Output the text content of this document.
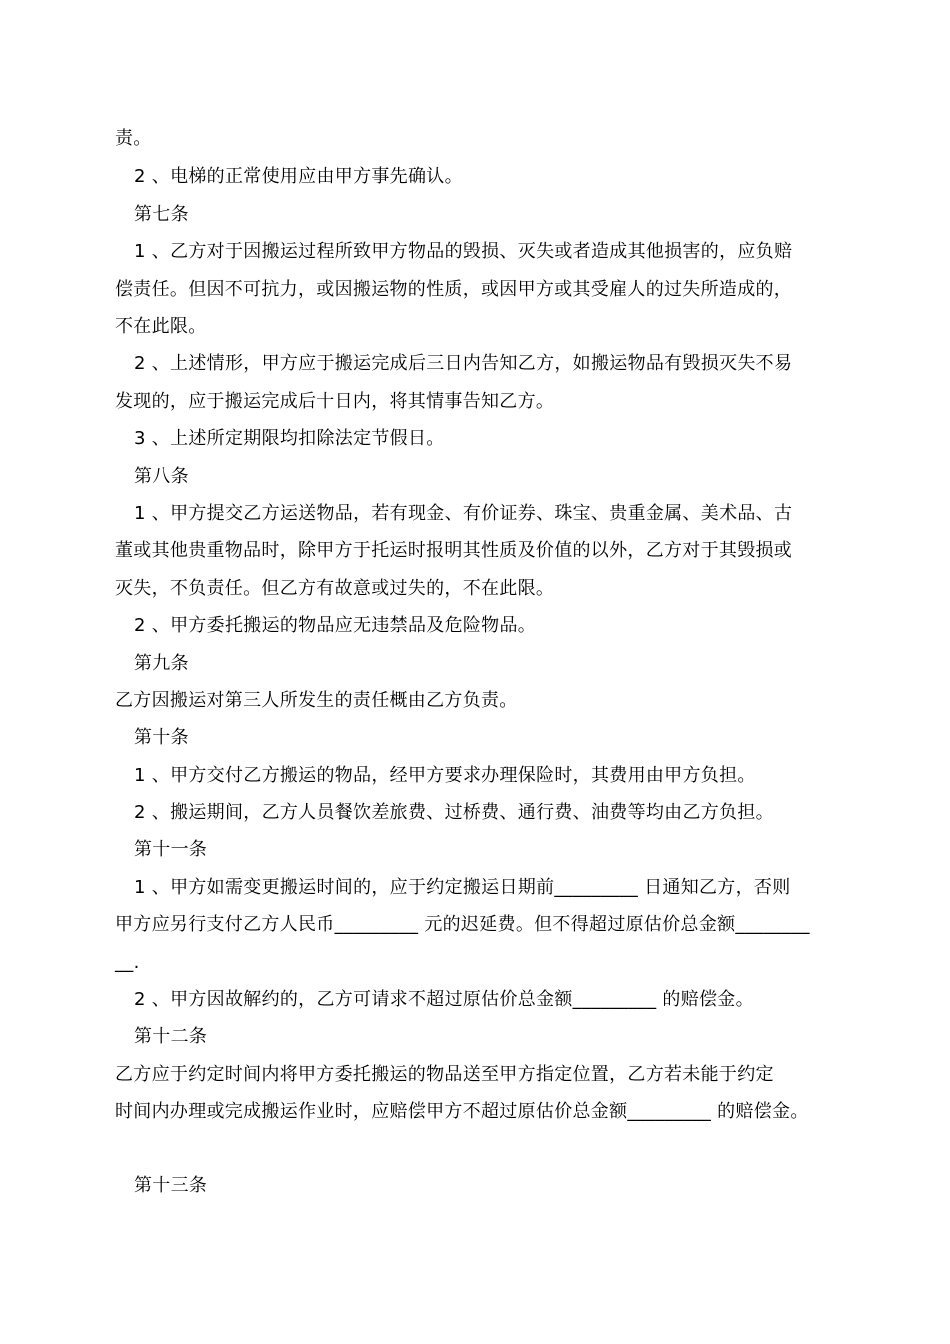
责。
2 、电梯的正常使用应由甲方事先确认。
第七条
1 、乙方对于因搬运过程所致甲方物品的毁损、灭失或者造成其他损害的，应负赔
偿责任。但因不可抗力，或因搬运物的性质，或因甲方或其受雇人的过失所造成的，
不在此限。
2 、上述情形，甲方应于搬运完成后三日内告知乙方，如搬运物品有毁损灭失不易
发现的，应于搬运完成后十日内，将其情事告知乙方。
3 、上述所定期限均扣除法定节假日。
第八条
1 、甲方提交乙方运送物品，若有现金、有价证券、珠宝、贵重金属、美术品、古
董或其他贵重物品时，除甲方于托运时报明其性质及价值的以外，乙方对于其毁损或
灭失，不负责任。但乙方有故意或过失的，不在此限。
2 、甲方委托搬运的物品应无违禁品及危险物品。
第九条
乙方因搬运对第三人所发生的责任概由乙方负责。
第十条
1 、甲方交付乙方搬运的物品，经甲方要求办理保险时，其费用由甲方负担。
2 、搬运期间，乙方人员餐饮差旅费、过桥费、通行费、油费等均由乙方负担。
第十一条
1 、甲方如需变更搬运时间的，应于约定搬运日期前_________ 日通知乙方，否则
甲方应另行支付乙方人民币_________ 元的迟延费。但不得超过原估价总金额________
__.
2 、甲方因故解约的，乙方可请求不超过原估价总金额_________ 的赔偿金。
第十二条
乙方应于约定时间内将甲方委托搬运的物品送至甲方指定位置，乙方若未能于约定
时间内办理或完成搬运作业时，应赔偿甲方不超过原估价总金额_________ 的赔偿金。
第十三条
